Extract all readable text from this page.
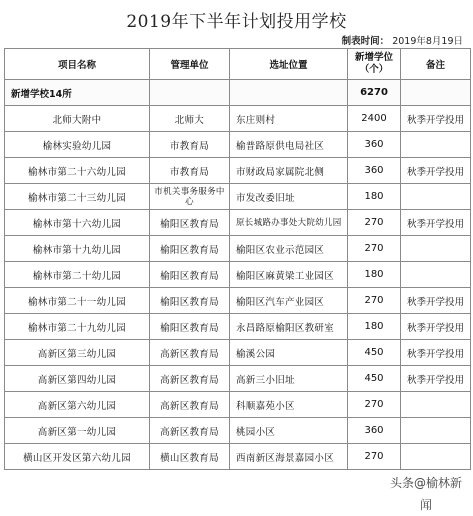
2019年下半年计划投用学校
制表时间： 2019年8月19日
项目名称	管理单位	选址位置	新增学位（个）	备注
新增学校14所			6270	
北师大附中	北师大	东庄则村	2400	秋季开学投用
榆林实验幼儿园	市教育局	榆普路原供电局社区	360	
榆林市第二十六幼儿园	市教育局	市财政局家属院北侧	360	秋季开学投用
榆林市第二十三幼儿园	市机关事务服务中心	市发改委旧址	180	
榆林市第十六幼儿园	榆阳区教育局	原长城路办事处大院幼儿园	270	秋季开学投用
榆林市第十九幼儿园	榆阳区教育局	榆阳区农业示范园区	270	
榆林市第二十幼儿园	榆阳区教育局	榆阳区麻黄梁工业园区	180	
榆林市第二十一幼儿园	榆阳区教育局	榆阳区汽车产业园区	270	秋季开学投用
榆林市第二十九幼儿园	榆阳区教育局	永昌路原榆阳区教研室	180	秋季开学投用
高新区第三幼儿园	高新区教育局	榆溪公园	450	秋季开学投用
高新区第四幼儿园	高新区教育局	高新三小旧址	450	秋季开学投用
高新区第六幼儿园	高新区教育局	科顺嘉苑小区	270	
高新区第一幼儿园	高新区教育局	桃园小区	360	
横山区开发区第六幼儿园	横山区教育局	西南新区海景嘉园小区	270	
头条@榆林新闻
